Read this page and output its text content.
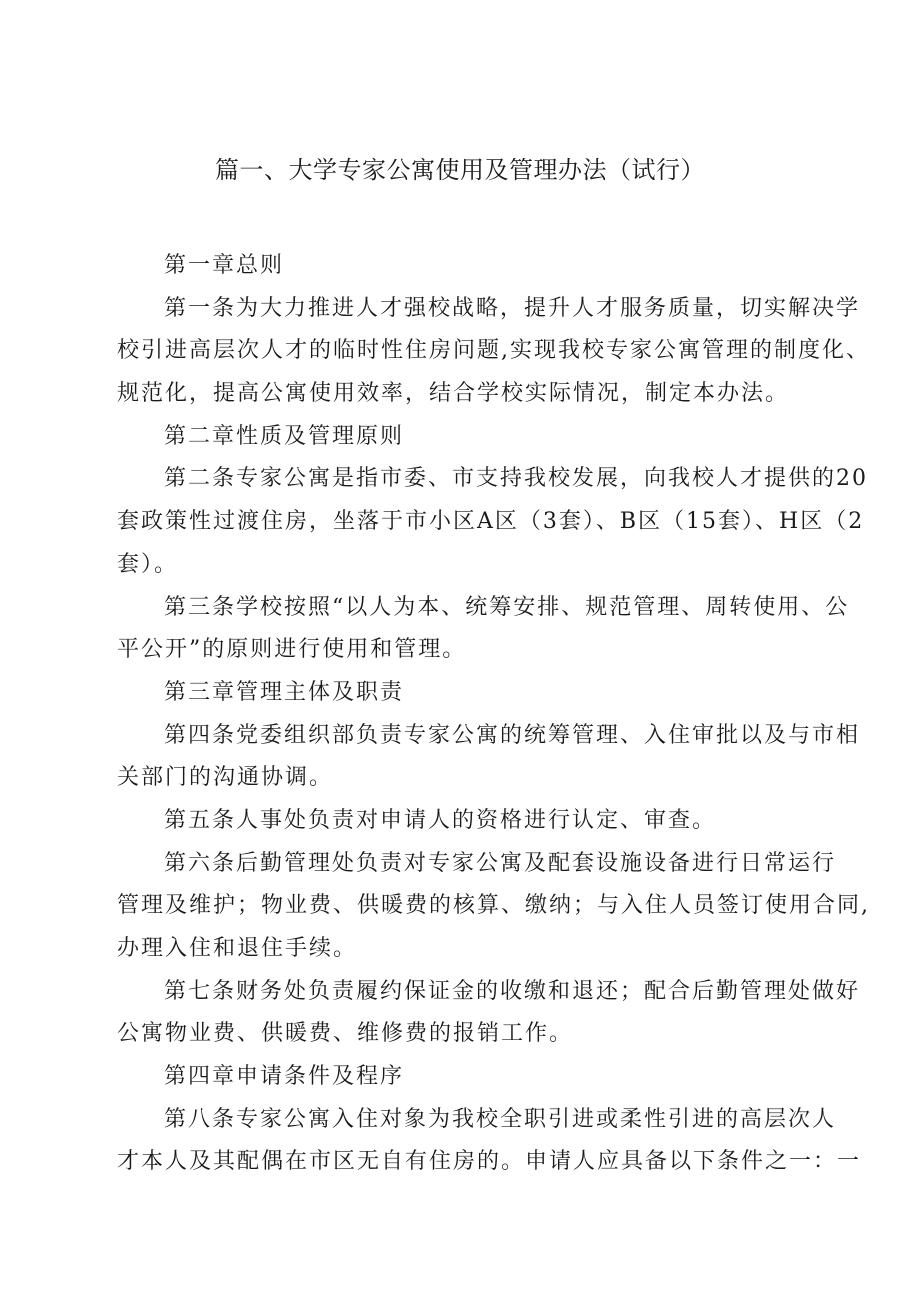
篇一、大学专家公寓使用及管理办法（试行）
第一章总则
第一条为大力推进人才强校战略，提升人才服务质量，切实解决学
校引进高层次人才的临时性住房问题,实现我校专家公寓管理的制度化、
规范化，提高公寓使用效率，结合学校实际情况，制定本办法。
第二章性质及管理原则
第二条专家公寓是指市委、市支持我校发展，向我校人才提供的20
套政策性过渡住房，坐落于市小区A区（3套）、B区（15套）、H区（2
套）。
第三条学校按照“以人为本、统筹安排、规范管理、周转使用、公
平公开”的原则进行使用和管理。
第三章管理主体及职责
第四条党委组织部负责专家公寓的统筹管理、入住审批以及与市相
关部门的沟通协调。
第五条人事处负责对申请人的资格进行认定、审查。
第六条后勤管理处负责对专家公寓及配套设施设备进行日常运行
管理及维护；物业费、供暖费的核算、缴纳；与入住人员签订使用合同,
办理入住和退住手续。
第七条财务处负责履约保证金的收缴和退还；配合后勤管理处做好
公寓物业费、供暖费、维修费的报销工作。
第四章申请条件及程序
第八条专家公寓入住对象为我校全职引进或柔性引进的高层次人
才本人及其配偶在市区无自有住房的。申请人应具备以下条件之一：一
